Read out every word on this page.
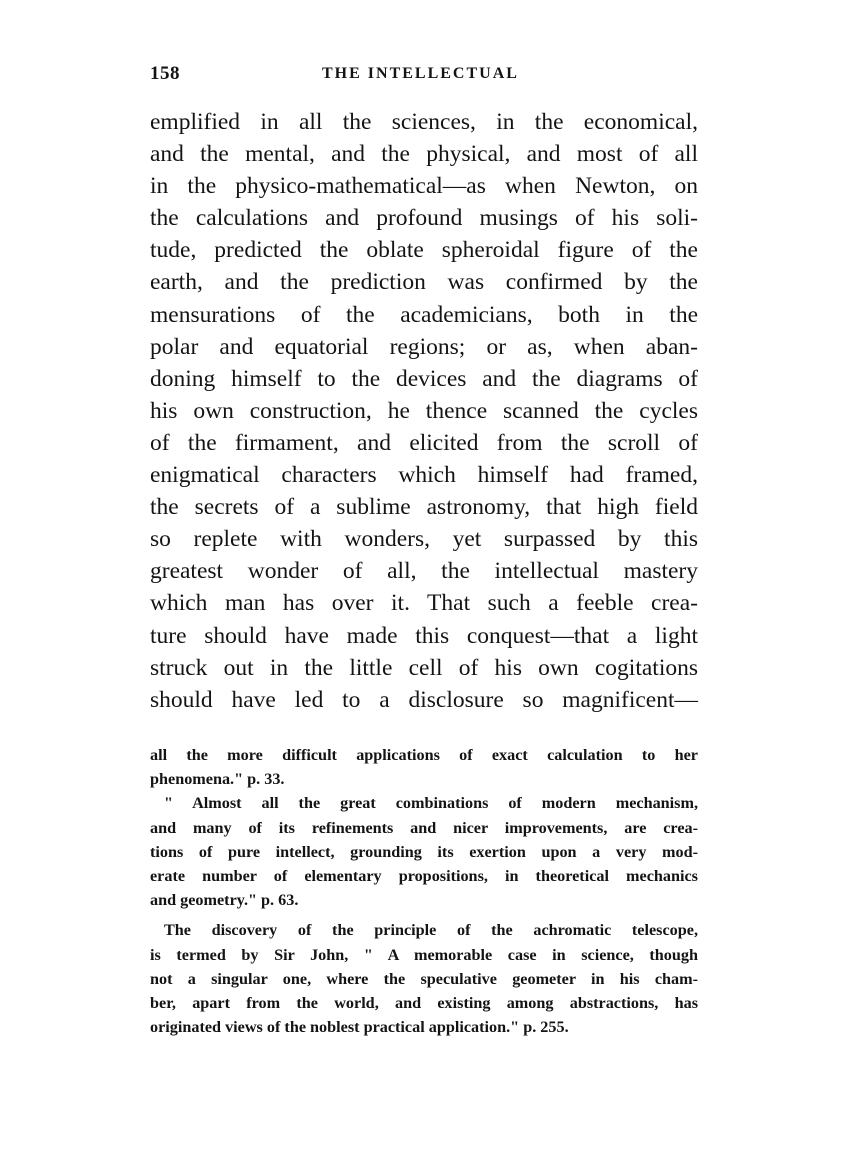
158	THE INTELLECTUAL
emplified in all the sciences, in the economical,
and the mental, and the physical, and most of all
in the physico-mathematical—as when Newton, on
the calculations and profound musings of his soli-
tude, predicted the oblate spheroidal figure of the
earth, and the prediction was confirmed by the
mensurations of the academicians, both in the
polar and equatorial regions; or as, when aban-
doning himself to the devices and the diagrams of
his own construction, he thence scanned the cycles
of the firmament, and elicited from the scroll of
enigmatical characters which himself had framed,
the secrets of a sublime astronomy, that high field
so replete with wonders, yet surpassed by this
greatest wonder of all, the intellectual mastery
which man has over it. That such a feeble crea-
ture should have made this conquest—that a light
struck out in the little cell of his own cogitations
should have led to a disclosure so magnificent—
all the more difficult applications of exact calculation to her
phenomena." p. 33.
" Almost all the great combinations of modern mechanism,
and many of its refinements and nicer improvements, are crea-
tions of pure intellect, grounding its exertion upon a very mod-
erate number of elementary propositions, in theoretical mechanics
and geometry." p. 63.
The discovery of the principle of the achromatic telescope,
is termed by Sir John, " A memorable case in science, though
not a singular one, where the speculative geometer in his cham-
ber, apart from the world, and existing among abstractions, has
originated views of the noblest practical application." p. 255.
